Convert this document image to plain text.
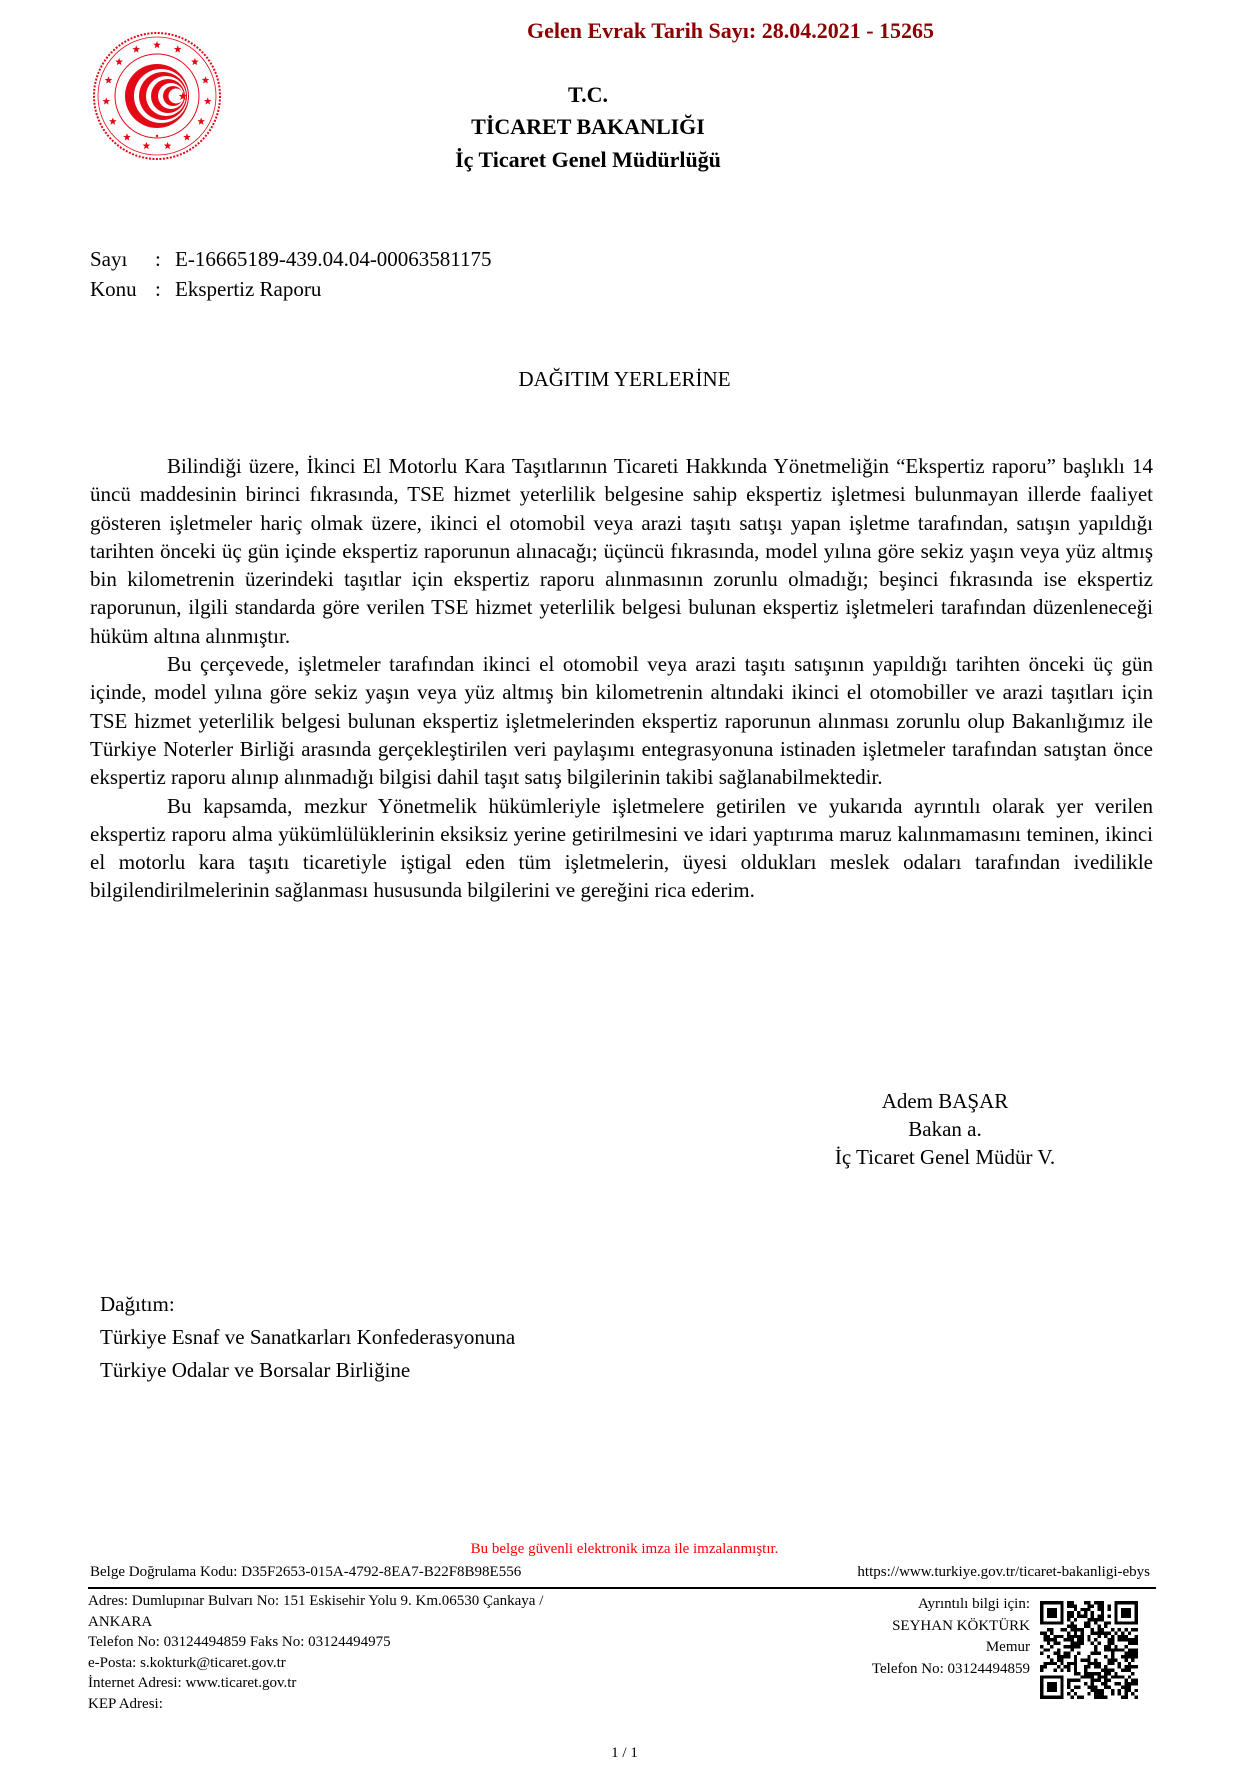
Gelen Evrak Tarih Sayı: 28.04.2021 - 15265
T.C.
TİCARET BAKANLIĞI
İç Ticaret Genel Müdürlüğü
Sayı : E-16665189-439.04.04-00063581175
Konu : Ekspertiz Raporu
DAĞITIM YERLERİNE

Bilindiği üzere, İkinci El Motorlu Kara Taşıtlarının Ticareti Hakkında Yönetmeliğin “Ekspertiz raporu” başlıklı 14 üncü maddesinin birinci fıkrasında, TSE hizmet yeterlilik belgesine sahip ekspertiz işletmesi bulunmayan illerde faaliyet gösteren işletmeler hariç olmak üzere, ikinci el otomobil veya arazi taşıtı satışı yapan işletme tarafından, satışın yapıldığı tarihten önceki üç gün içinde ekspertiz raporunun alınacağı; üçüncü fıkrasında, model yılına göre sekiz yaşın veya yüz altmış bin kilometrenin üzerindeki taşıtlar için ekspertiz raporu alınmasının zorunlu olmadığı; beşinci fıkrasında ise ekspertiz raporunun, ilgili standarda göre verilen TSE hizmet yeterlilik belgesi bulunan ekspertiz işletmeleri tarafından düzenleneceği hüküm altına alınmıştır.

Bu çerçevede, işletmeler tarafından ikinci el otomobil veya arazi taşıtı satışının yapıldığı tarihten önceki üç gün içinde, model yılına göre sekiz yaşın veya yüz altmış bin kilometrenin altındaki ikinci el otomobiller ve arazi taşıtları için TSE hizmet yeterlilik belgesi bulunan ekspertiz işletmelerinden ekspertiz raporunun alınması zorunlu olup Bakanlığımız ile Türkiye Noterler Birliği arasında gerçekleştirilen veri paylaşımı entegrasyonuna istinaden işletmeler tarafından satıştan önce ekspertiz raporu alınıp alınmadığı bilgisi dahil taşıt satış bilgilerinin takibi sağlanabilmektedir.

Bu kapsamda, mezkur Yönetmelik hükümleriyle işletmelere getirilen ve yukarıda ayrıntılı olarak yer verilen ekspertiz raporu alma yükümlülüklerinin eksiksiz yerine getirilmesini ve idari yaptırıma maruz kalınmamasını teminen, ikinci el motorlu kara taşıtı ticaretiyle iştigal eden tüm işletmelerin, üyesi oldukları meslek odaları tarafından ivedilikle bilgilendirilmelerinin sağlanması hususunda bilgilerini ve gereğini rica ederim.

Adem BAŞAR
Bakan a.
İç Ticaret Genel Müdür V.
Dağıtım:
Türkiye Esnaf ve Sanatkarları Konfederasyonuna
Türkiye Odalar ve Borsalar Birliğine
Bu belge güvenli elektronik imza ile imzalanmıştır.
Belge Doğrulama Kodu: D35F2653-015A-4792-8EA7-B22F8B98E556	https://www.turkiye.gov.tr/ticaret-bakanligi-ebys
Adres: Dumlupınar Bulvarı No: 151 Eskisehir Yolu 9. Km.06530 Çankaya /
ANKARA
Telefon No: 03124494859 Faks No: 03124494975
e-Posta: s.kokturk@ticaret.gov.tr
İnternet Adresi: www.ticaret.gov.tr
KEP Adresi:
Ayrıntılı bilgi için:
SEYHAN KÖKTÜRK
Memur
Telefon No: 03124494859
1 / 1
